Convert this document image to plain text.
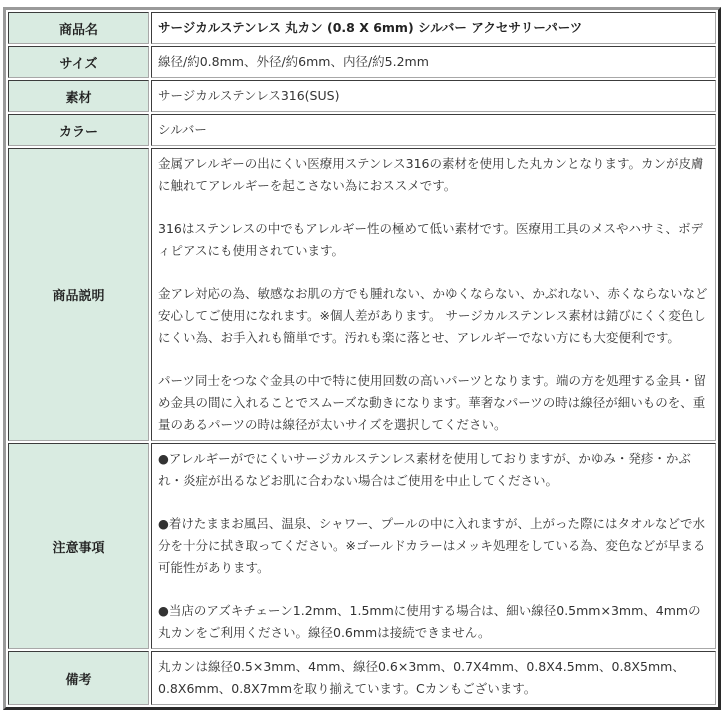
商品名	サージカルステンレス 丸カン (0.8 X 6mm) シルバー アクセサリーパーツ
サイズ	線径/約0.8mm、外径/約6mm、内径/約5.2mm
素材	サージカルステンレス316(SUS)
カラー	シルバー
商品説明	金属アレルギーの出にくい医療用ステンレス316の素材を使用した丸カンとなります。カンが皮膚に触れてアレルギーを起こさない為におススメです。

316はステンレスの中でもアレルギー性の極めて低い素材です。医療用工具のメスやハサミ、ボディピアスにも使用されています。

金アレ対応の為、敏感なお肌の方でも腫れない、かゆくならない、かぶれない、赤くならないなど安心してご使用になれます。※個人差があります。 サージカルステンレス素材は錆びにくく変色しにくい為、お手入れも簡単です。汚れも楽に落とせ、アレルギーでない方にも大変便利です。

パーツ同士をつなぐ金具の中で特に使用回数の高いパーツとなります。端の方を処理する金具・留め金具の間に入れることでスムーズな動きになります。華奢なパーツの時は線径が細いものを、重量のあるパーツの時は線径が太いサイズを選択してください。

注意事項	●アレルギーがでにくいサージカルステンレス素材を使用しておりますが、かゆみ・発疹・かぶれ・炎症が出るなどお肌に合わない場合はご使用を中止してください。

●着けたままお風呂、温泉、シャワー、プールの中に入れますが、上がった際にはタオルなどで水分を十分に拭き取ってください。※ゴールドカラーはメッキ処理をしている為、変色などが早まる可能性があります。

●当店のアズキチェーン1.2mm、1.5mmに使用する場合は、細い線径0.5mm×3mm、4mmの丸カンをご利用ください。線径0.6mmは接続できません。

備考	丸カンは線径0.5×3mm、4mm、線径0.6×3mm、0.7X4mm、0.8X4.5mm、0.8X5mm、0.8X6mm、0.8X7mmを取り揃えています。Cカンもございます。
